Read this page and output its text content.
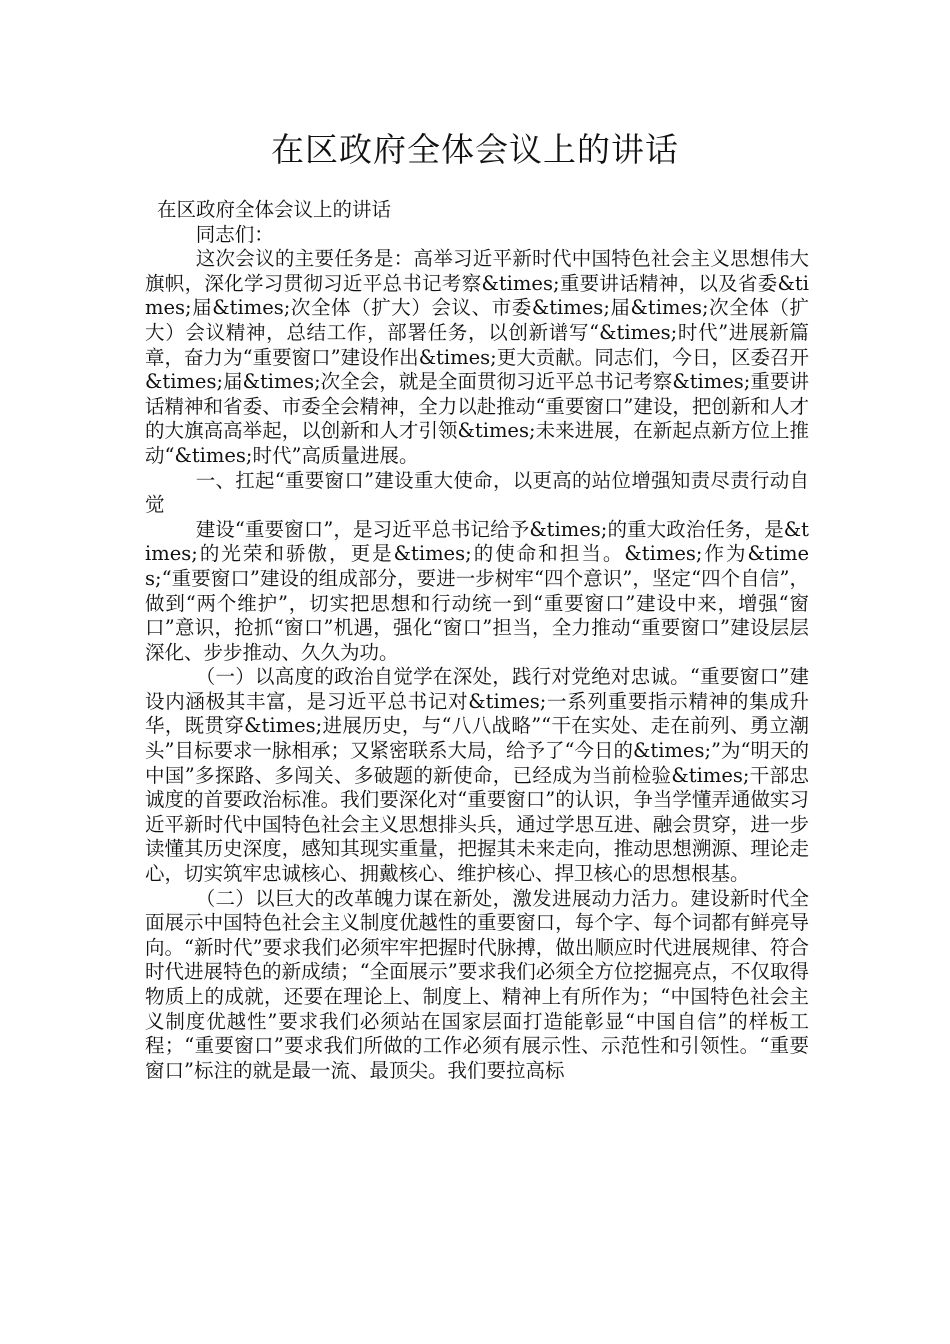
在区政府全体会议上的讲话

在区政府全体会议上的讲话

同志们：

这次会议的主要任务是：高举习近平新时代中国特色社会主义思想伟大旗帜，深化学习贯彻习近平总书记考察&times;重要讲话精神，以及省委&times;届&times;次全体（扩大）会议、市委&times;届&times;次全体（扩大）会议精神，总结工作，部署任务，以创新谱写“&times;时代”进展新篇章，奋力为“重要窗口”建设作出&times;更大贡献。同志们，今日，区委召开&times;届&times;次全会，就是全面贯彻习近平总书记考察&times;重要讲话精神和省委、市委全会精神，全力以赴推动“重要窗口”建设，把创新和人才的大旗高高举起，以创新和人才引领&times;未来进展，在新起点新方位上推动“&times;时代”高质量进展。

一、扛起“重要窗口”建设重大使命，以更高的站位增强知责尽责行动自觉

建设“重要窗口”，是习近平总书记给予&times;的重大政治任务，是&times;的光荣和骄傲，更是&times;的使命和担当。&times;作为&times;“重要窗口”建设的组成部分，要进一步树牢“四个意识”，坚定“四个自信”，做到“两个维护”，切实把思想和行动统一到“重要窗口”建设中来，增强“窗口”意识，抢抓“窗口”机遇，强化“窗口”担当，全力推动“重要窗口”建设层层深化、步步推动、久久为功。

（一）以高度的政治自觉学在深处，践行对党绝对忠诚。“重要窗口”建设内涵极其丰富，是习近平总书记对&times;一系列重要指示精神的集成升华，既贯穿&times;进展历史，与“八八战略”“干在实处、走在前列、勇立潮头”目标要求一脉相承；又紧密联系大局，给予了“今日的&times;”为“明天的中国”多探路、多闯关、多破题的新使命，已经成为当前检验&times;干部忠诚度的首要政治标准。我们要深化对“重要窗口”的认识，争当学懂弄通做实习近平新时代中国特色社会主义思想排头兵，通过学思互进、融会贯穿，进一步读懂其历史深度，感知其现实重量，把握其未来走向，推动思想溯源、理论走心，切实筑牢忠诚核心、拥戴核心、维护核心、捍卫核心的思想根基。

（二）以巨大的改革魄力谋在新处，激发进展动力活力。建设新时代全面展示中国特色社会主义制度优越性的重要窗口，每个字、每个词都有鲜亮导向。“新时代”要求我们必须牢牢把握时代脉搏，做出顺应时代进展规律、符合时代进展特色的新成绩；“全面展示”要求我们必须全方位挖掘亮点，不仅取得物质上的成就，还要在理论上、制度上、精神上有所作为；“中国特色社会主义制度优越性”要求我们必须站在国家层面打造能彰显“中国自信”的样板工程；“重要窗口”要求我们所做的工作必须有展示性、示范性和引领性。“重要窗口”标注的就是最一流、最顶尖。我们要拉高标
